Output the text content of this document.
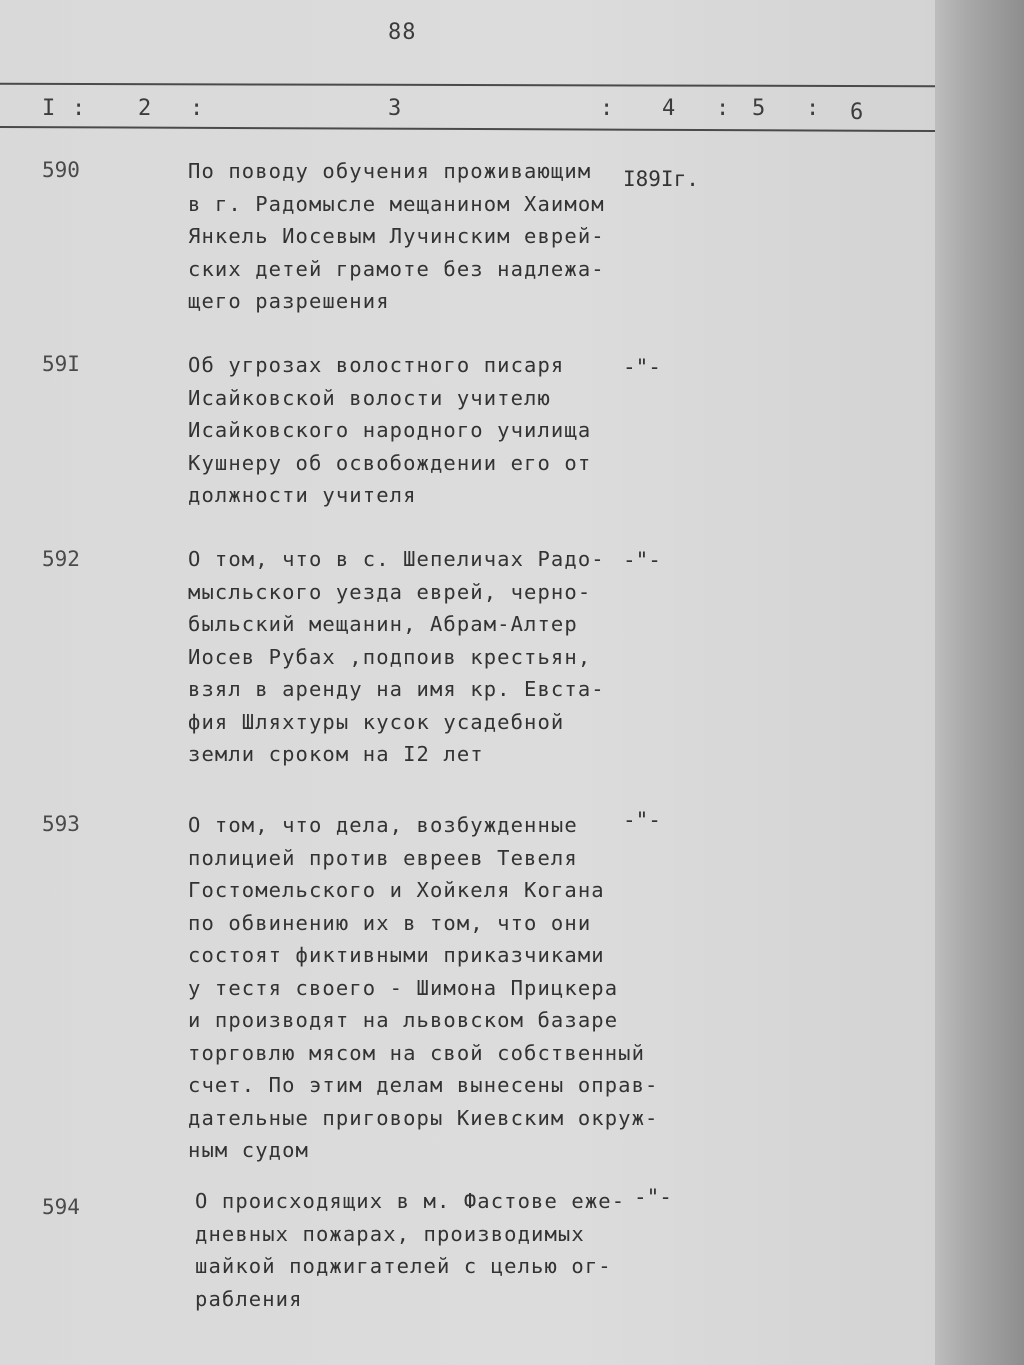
88
I : 2 :	3	: 4 : 5 : 6
590	По поводу обучения проживающим
в г. Радомысле мещанином Хаимом
Янкель Иосевым Лучинским еврей-
ских детей грамоте без надлежа-
щего разрешения
I89Iг.
59I	Об угрозах волостного писаря
Исайковской волости учителю
Исайковского народного училища
Кушнеру об освобождении его от
должности учителя
-"-
592	О том, что в с. Шепеличах Радо-
мысльского уезда еврей, черно-
быльский мещанин, Абрам-Алтер
Иосев Рубах ,подпоив крестьян,
взял в аренду на имя кр. Евста-
фия Шляхтуры кусок усадебной
земли сроком на I2 лет
-"-
593	О том, что дела, возбужденные
полицией против евреев Тевеля
Гостомельского и Хойкеля Когана
по обвинению их в том, что они
состоят фиктивными приказчиками
у тестя своего - Шимона Прицкера
и производят на львовском базаре
торговлю мясом на свой собственный
счет. По этим делам вынесены оправ-
дательные приговоры Киевским окруж-
ным судом
-"-
594	О происходящих в м. Фастове еже-
дневных пожарах, производимых
шайкой поджигателей с целью ог-
рабления
-"-
